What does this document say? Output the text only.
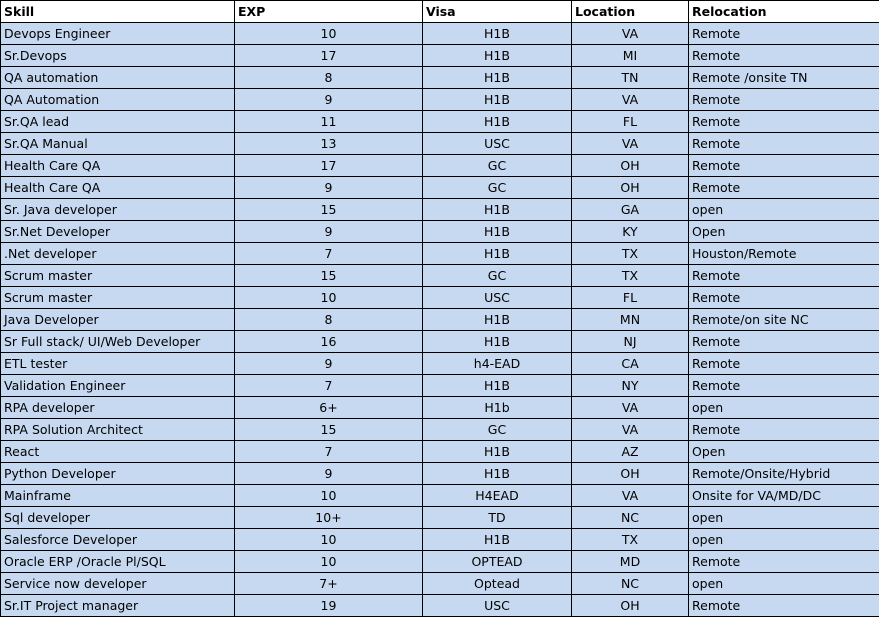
Skill	EXP	Visa	Location	Relocation
Devops Engineer	10	H1B	VA	Remote
Sr.Devops	17	H1B	MI	Remote
QA automation	8	H1B	TN	Remote /onsite TN
QA Automation	9	H1B	VA	Remote
Sr.QA lead	11	H1B	FL	Remote
Sr.QA Manual	13	USC	VA	Remote
Health Care QA	17	GC	OH	Remote
Health Care QA	9	GC	OH	Remote
Sr. Java developer	15	H1B	GA	open
Sr.Net Developer	9	H1B	KY	Open
.Net developer	7	H1B	TX	Houston/Remote
Scrum master	15	GC	TX	Remote
Scrum master	10	USC	FL	Remote
Java Developer	8	H1B	MN	Remote/on site NC
Sr Full stack/ UI/Web Developer	16	H1B	NJ	Remote
ETL tester	9	h4-EAD	CA	Remote
Validation Engineer	7	H1B	NY	Remote
RPA developer	6+	H1b	VA	open
RPA Solution Architect	15	GC	VA	Remote
React	7	H1B	AZ	Open
Python Developer	9	H1B	OH	Remote/Onsite/Hybrid
Mainframe	10	H4EAD	VA	Onsite for VA/MD/DC
Sql developer	10+	TD	NC	open
Salesforce Developer	10	H1B	TX	open
Oracle ERP /Oracle Pl/SQL	10	OPTEAD	MD	Remote
Service now developer	7+	Optead	NC	open
Sr.IT Project manager	19	USC	OH	Remote
